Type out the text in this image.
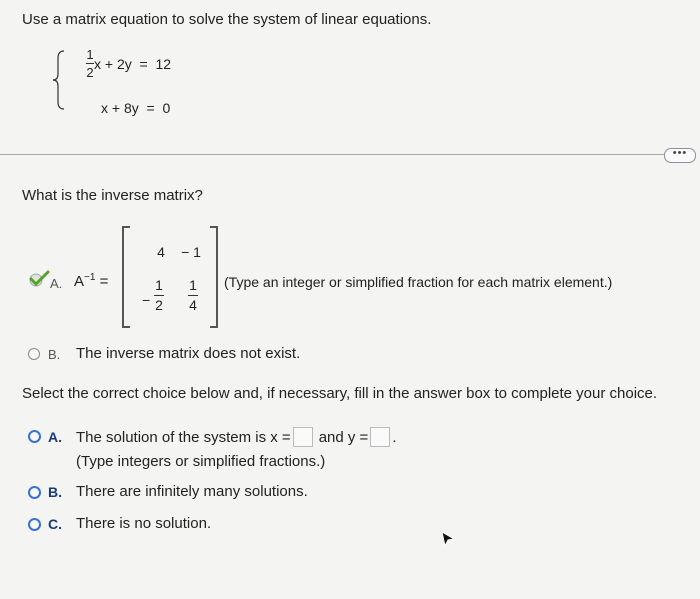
Use a matrix equation to solve the system of linear equations.
$\frac{1}{2}$ x + 2y  =  12
x + 8y  =  0
•••
What is the inverse matrix?
A. $A^{-1}$ =
4	− 1
−
1
2
1
4
(Type an integer or simplified fraction for each matrix element.)
B. The inverse matrix does not exist.
Select the correct choice below and, if necessary, fill in the answer box to complete your choice.
A. The solution of the system is x = and y = .
(Type integers or simplified fractions.)
B. There are infinitely many solutions.
C. There is no solution.
